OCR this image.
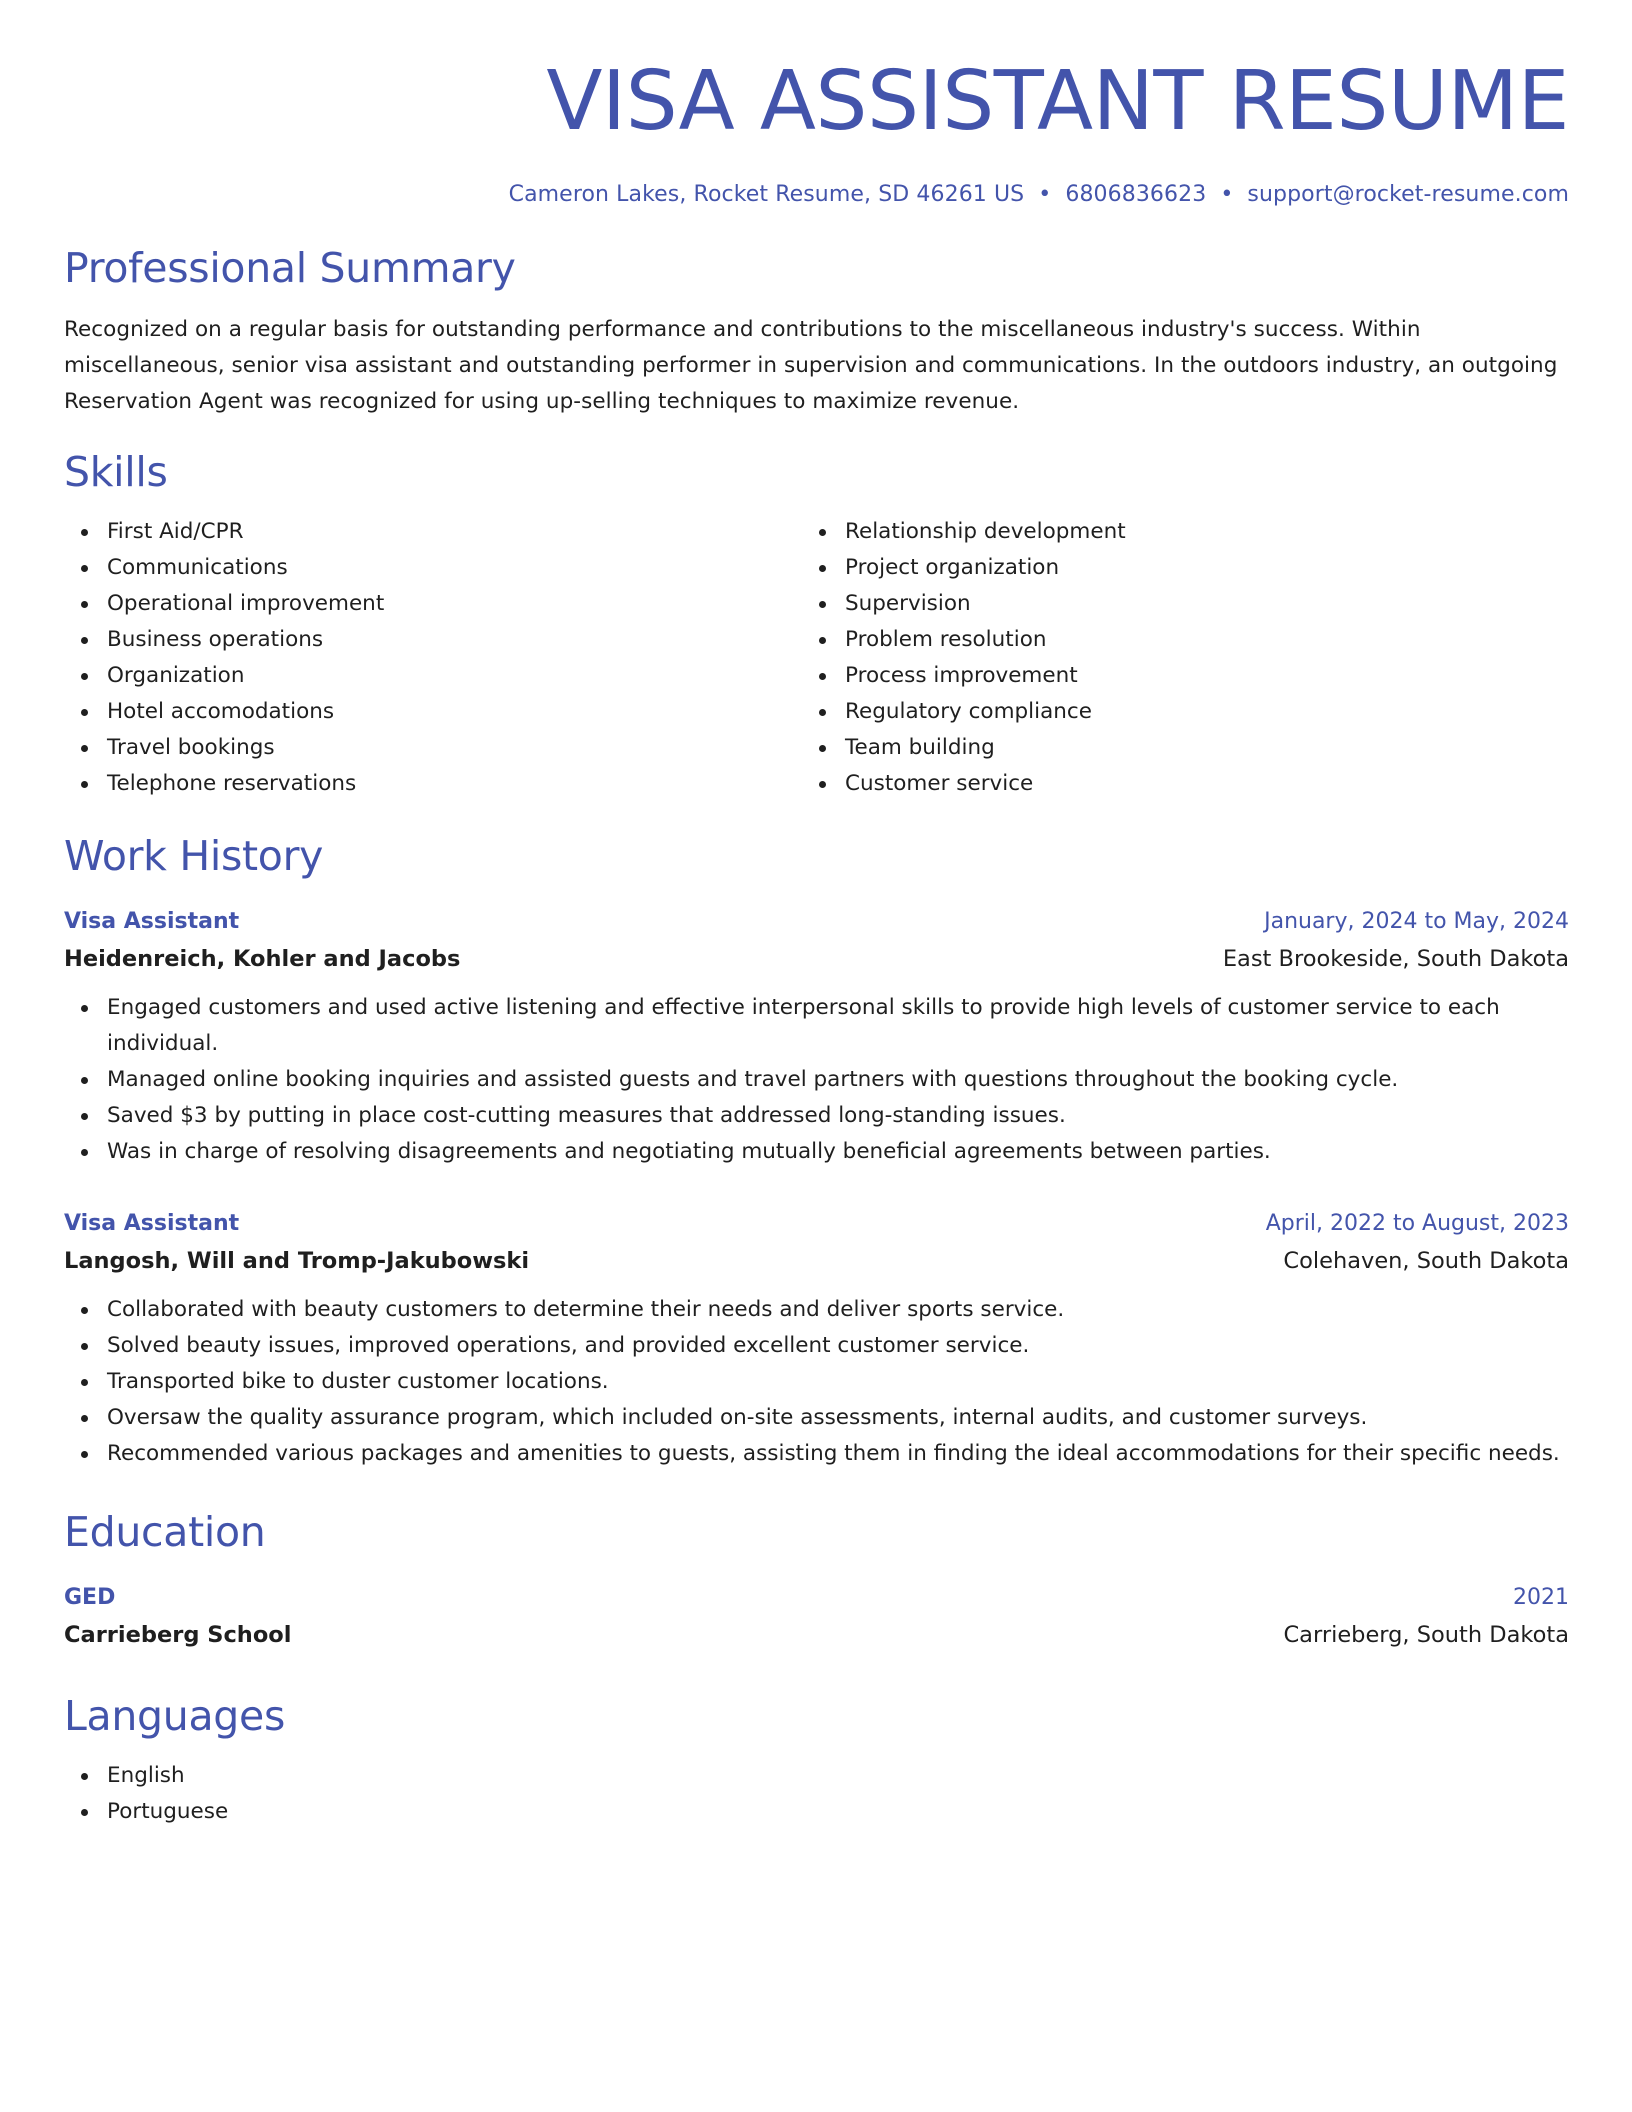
VISA ASSISTANT RESUME
Cameron Lakes, Rocket Resume, SD 46261 US • 6806836623 • support@rocket-resume.com
Professional Summary

Recognized on a regular basis for outstanding performance and contributions to the miscellaneous industry's success. Within miscellaneous, senior visa assistant and outstanding performer in supervision and communications. In the outdoors industry, an outgoing Reservation Agent was recognized for using up-selling techniques to maximize revenue.

Skills
First Aid/CPR
Communications
Operational improvement
Business operations
Organization
Hotel accomodations
Travel bookings
Telephone reservations
Relationship development
Project organization
Supervision
Problem resolution
Process improvement
Regulatory compliance
Team building
Customer service
Work History
Visa Assistant	January, 2024 to May, 2024
Heidenreich, Kohler and Jacobs	East Brookeside, South Dakota
Engaged customers and used active listening and effective interpersonal skills to provide high levels of customer service to each individual.
Managed online booking inquiries and assisted guests and travel partners with questions throughout the booking cycle.
Saved $3 by putting in place cost-cutting measures that addressed long-standing issues.
Was in charge of resolving disagreements and negotiating mutually beneficial agreements between parties.
Visa Assistant	April, 2022 to August, 2023
Langosh, Will and Tromp-Jakubowski	Colehaven, South Dakota
Collaborated with beauty customers to determine their needs and deliver sports service.
Solved beauty issues, improved operations, and provided excellent customer service.
Transported bike to duster customer locations.
Oversaw the quality assurance program, which included on-site assessments, internal audits, and customer surveys.
Recommended various packages and amenities to guests, assisting them in finding the ideal accommodations for their specific needs.
Education
GED	2021
Carrieberg School	Carrieberg, South Dakota
Languages
English
Portuguese
